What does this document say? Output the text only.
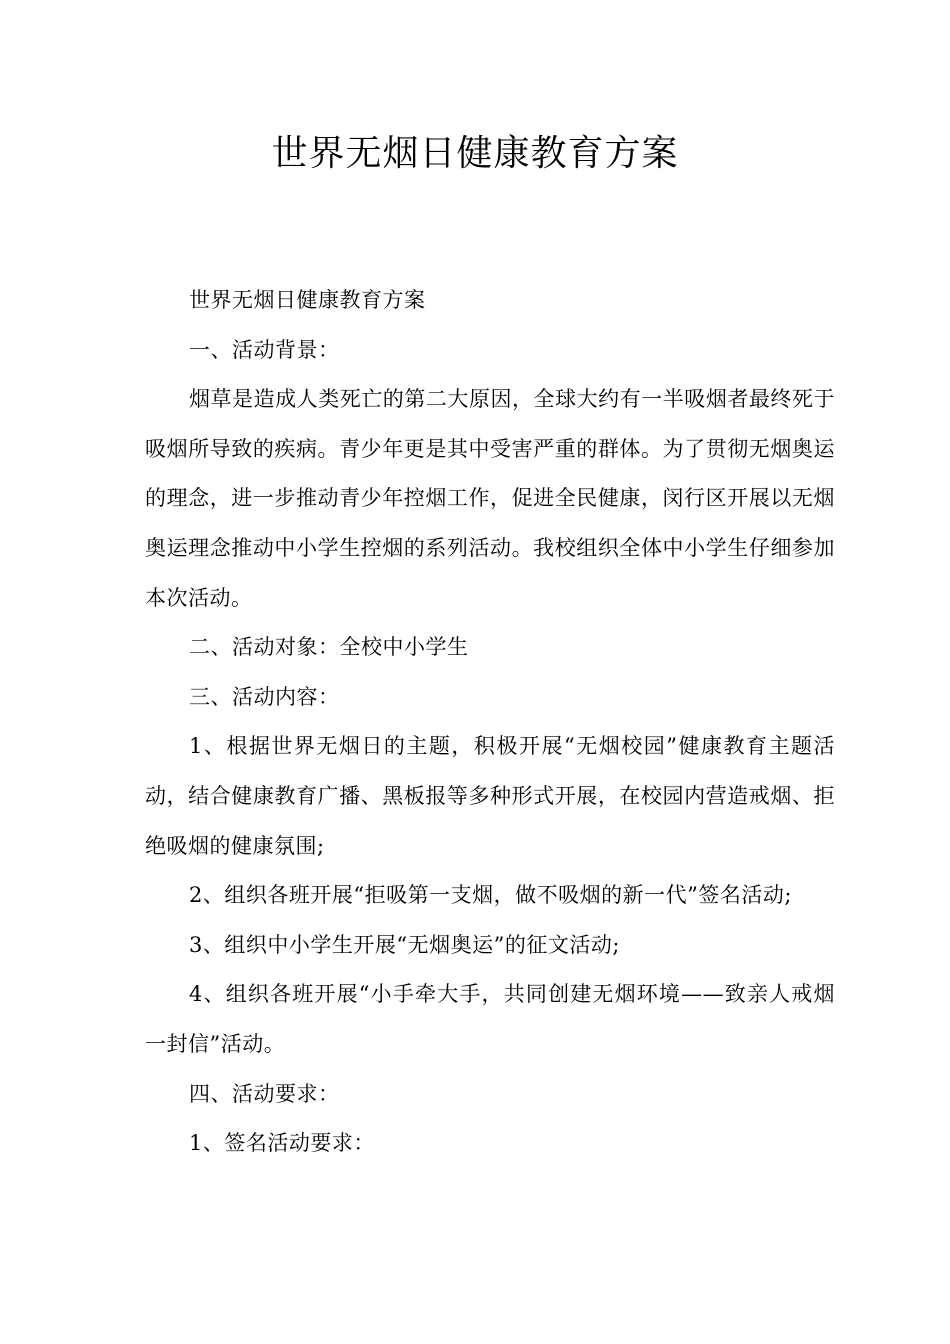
世界无烟日健康教育方案

世界无烟日健康教育方案

一、活动背景：

烟草是造成人类死亡的第二大原因，全球大约有一半吸烟者最终死于吸烟所导致的疾病。青少年更是其中受害严重的群体。为了贯彻无烟奥运的理念，进一步推动青少年控烟工作，促进全民健康，闵行区开展以无烟奥运理念推动中小学生控烟的系列活动。我校组织全体中小学生仔细参加本次活动。

二、活动对象：全校中小学生

三、活动内容：

1、根据世界无烟日的主题，积极开展“无烟校园”健康教育主题活动，结合健康教育广播、黑板报等多种形式开展，在校园内营造戒烟、拒绝吸烟的健康氛围;

2、组织各班开展“拒吸第一支烟，做不吸烟的新一代”签名活动;

3、组织中小学生开展“无烟奥运”的征文活动;

4、组织各班开展“小手牵大手，共同创建无烟环境——致亲人戒烟一封信”活动。

四、活动要求：

1、签名活动要求：
